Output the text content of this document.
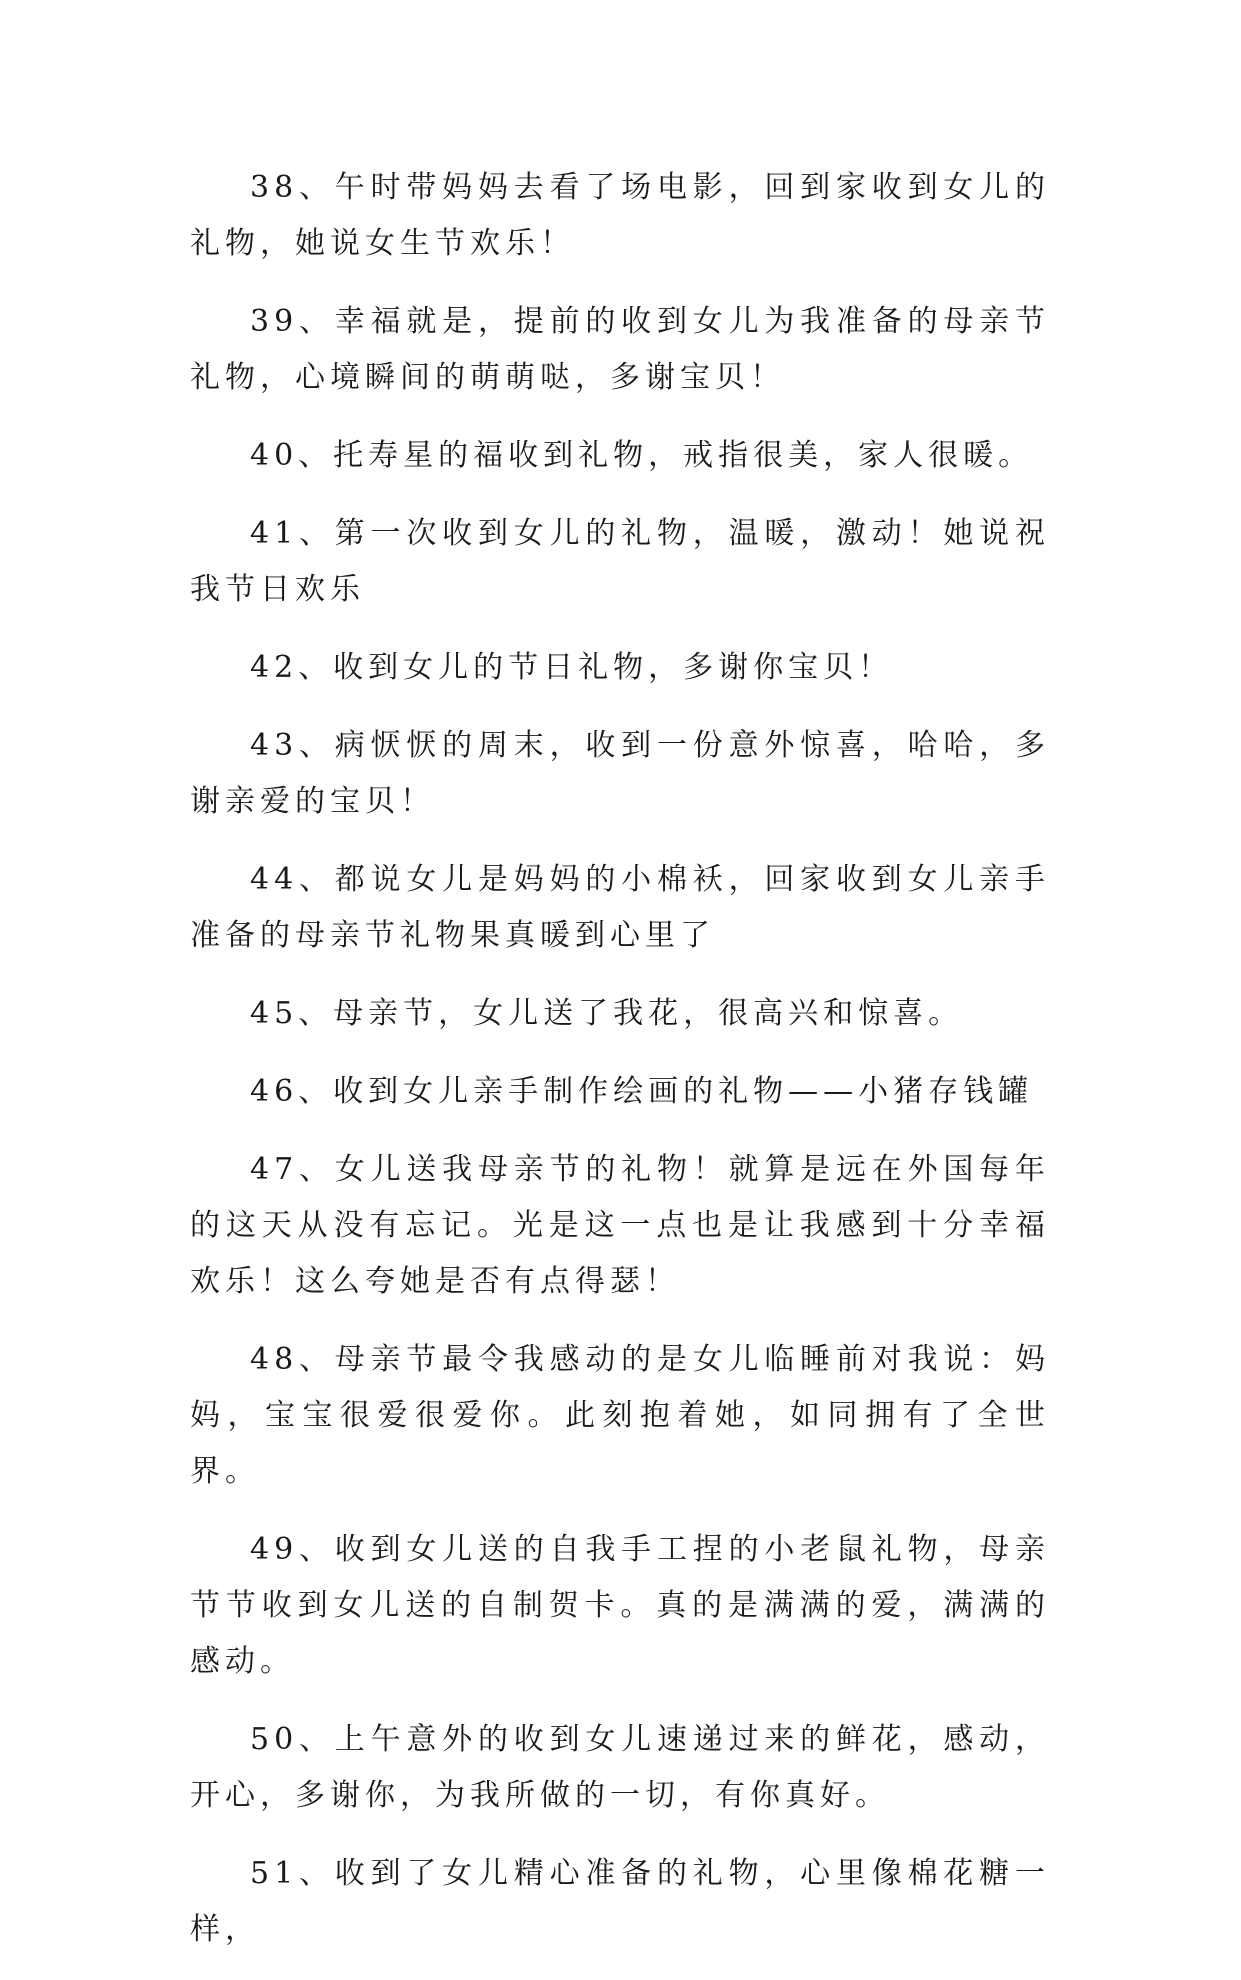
38、午时带妈妈去看了场电影，回到家收到女儿的礼物，她说女生节欢乐！

39、幸福就是，提前的收到女儿为我准备的母亲节礼物，心境瞬间的萌萌哒，多谢宝贝！

40、托寿星的福收到礼物，戒指很美，家人很暖。

41、第一次收到女儿的礼物，温暖，激动！她说祝我节日欢乐

42、收到女儿的节日礼物，多谢你宝贝！

43、病恹恹的周末，收到一份意外惊喜，哈哈，多谢亲爱的宝贝！

44、都说女儿是妈妈的小棉袄，回家收到女儿亲手准备的母亲节礼物果真暖到心里了

45、母亲节，女儿送了我花，很高兴和惊喜。

46、收到女儿亲手制作绘画的礼物——小猪存钱罐

47、女儿送我母亲节的礼物！就算是远在外国每年的这天从没有忘记。光是这一点也是让我感到十分幸福欢乐！这么夸她是否有点得瑟！

48、母亲节最令我感动的是女儿临睡前对我说：妈妈，宝宝很爱很爱你。此刻抱着她，如同拥有了全世界。

49、收到女儿送的自我手工捏的小老鼠礼物，母亲节节收到女儿送的自制贺卡。真的是满满的爱，满满的感动。

50、上午意外的收到女儿速递过来的鲜花，感动，开心，多谢你，为我所做的一切，有你真好。

51、收到了女儿精心准备的礼物，心里像棉花糖一样，
